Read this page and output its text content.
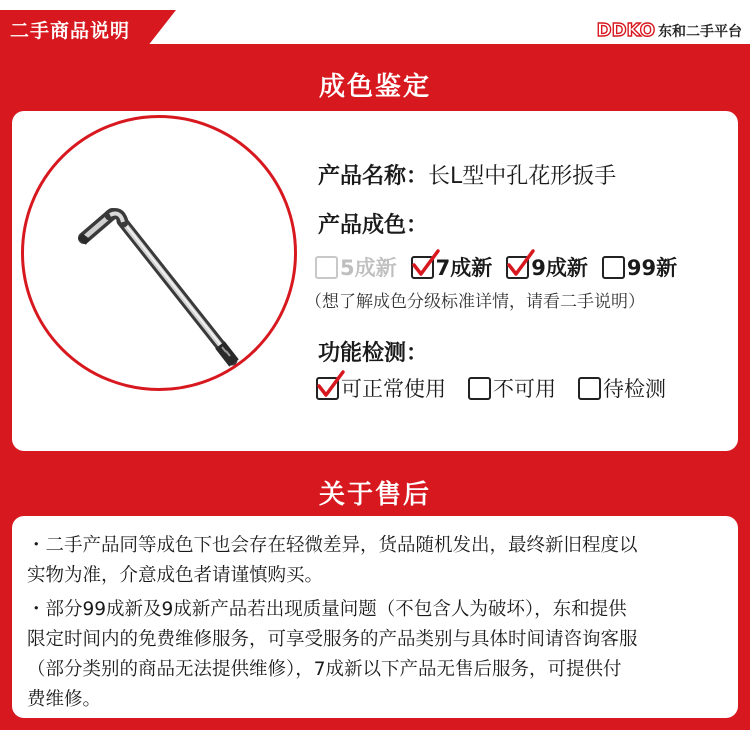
二手商品说明	DDKO 东和二手平台
成色鉴定
产品名称：长L型中孔花形扳手
产品成色：
5成新 7成新 9成新 99新
（想了解成色分级标准详情，请看二手说明）
功能检测：
可正常使用 不可用 待检测
关于售后
・二手产品同等成色下也会存在轻微差异，货品随机发出，最终新旧程度以
实物为准，介意成色者请谨慎购买。
・部分99成新及9成新产品若出现质量问题（不包含人为破坏），东和提供
限定时间内的免费维修服务，可享受服务的产品类别与具体时间请咨询客服
（部分类别的商品无法提供维修），7成新以下产品无售后服务，可提供付
费维修。
